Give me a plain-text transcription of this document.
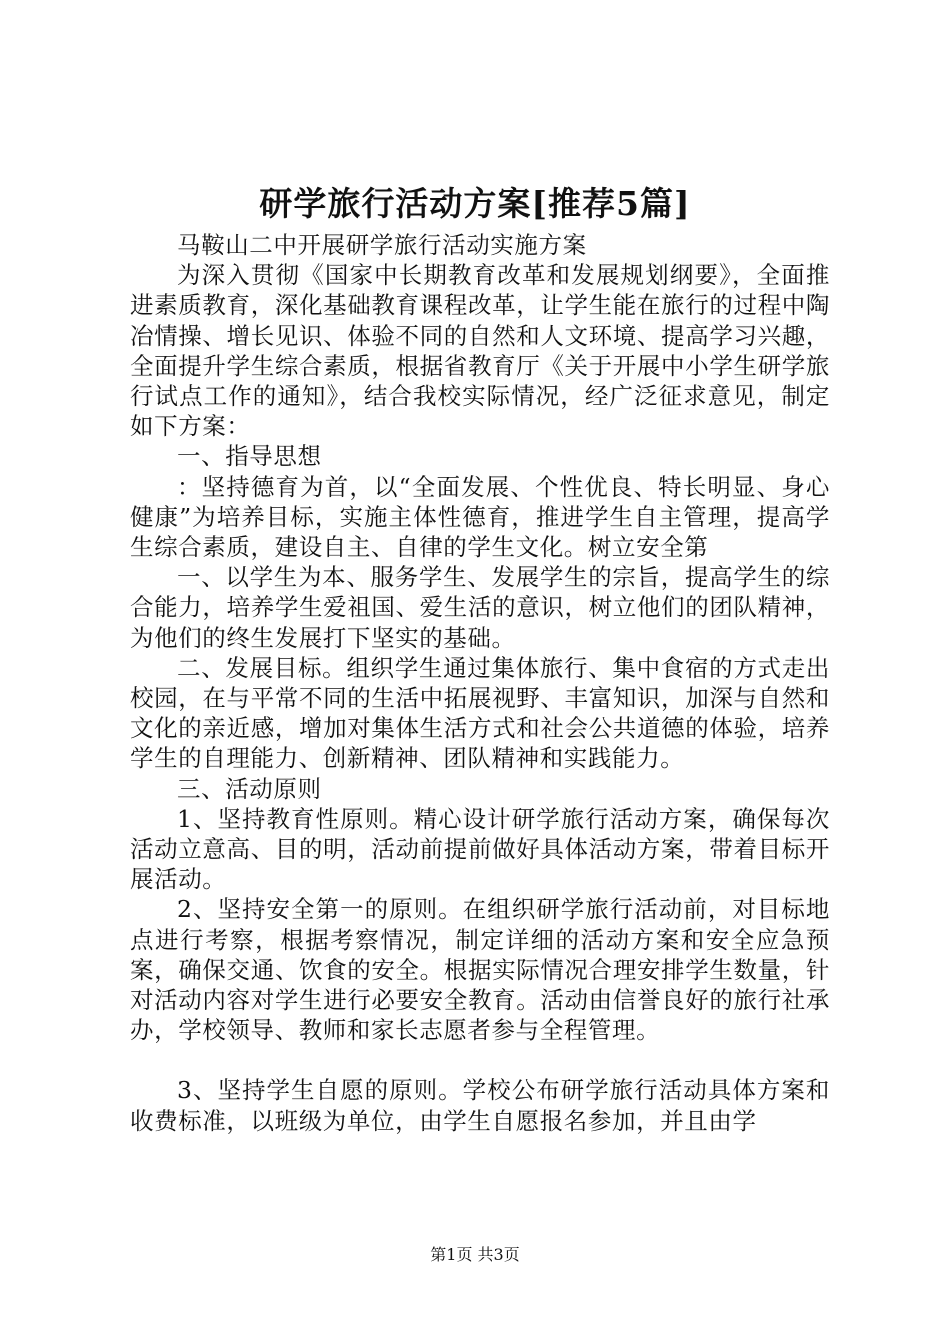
研学旅行活动方案[推荐5篇]

马鞍山二中开展研学旅行活动实施方案

为深入贯彻《国家中长期教育改革和发展规划纲要》，全面推进素质教育，深化基础教育课程改革，让学生能在旅行的过程中陶冶情操、增长见识、体验不同的自然和人文环境、提高学习兴趣，全面提升学生综合素质，根据省教育厅《关于开展中小学生研学旅行试点工作的通知》，结合我校实际情况，经广泛征求意见，制定如下方案：

一、指导思想

：坚持德育为首，以“全面发展、个性优良、特长明显、身心健康”为培养目标，实施主体性德育，推进学生自主管理，提高学生综合素质，建设自主、自律的学生文化。树立安全第

一、以学生为本、服务学生、发展学生的宗旨，提高学生的综合能力，培养学生爱祖国、爱生活的意识，树立他们的团队精神，为他们的终生发展打下坚实的基础。

二、发展目标。组织学生通过集体旅行、集中食宿的方式走出校园，在与平常不同的生活中拓展视野、丰富知识，加深与自然和文化的亲近感，增加对集体生活方式和社会公共道德的体验，培养学生的自理能力、创新精神、团队精神和实践能力。

三、活动原则

1、坚持教育性原则。精心设计研学旅行活动方案，确保每次活动立意高、目的明，活动前提前做好具体活动方案，带着目标开展活动。

2、坚持安全第一的原则。在组织研学旅行活动前，对目标地点进行考察，根据考察情况，制定详细的活动方案和安全应急预案，确保交通、饮食的安全。根据实际情况合理安排学生数量，针对活动内容对学生进行必要安全教育。活动由信誉良好的旅行社承办，学校领导、教师和家长志愿者参与全程管理。

3、坚持学生自愿的原则。学校公布研学旅行活动具体方案和收费标准，以班级为单位，由学生自愿报名参加，并且由学

第1页 共3页
